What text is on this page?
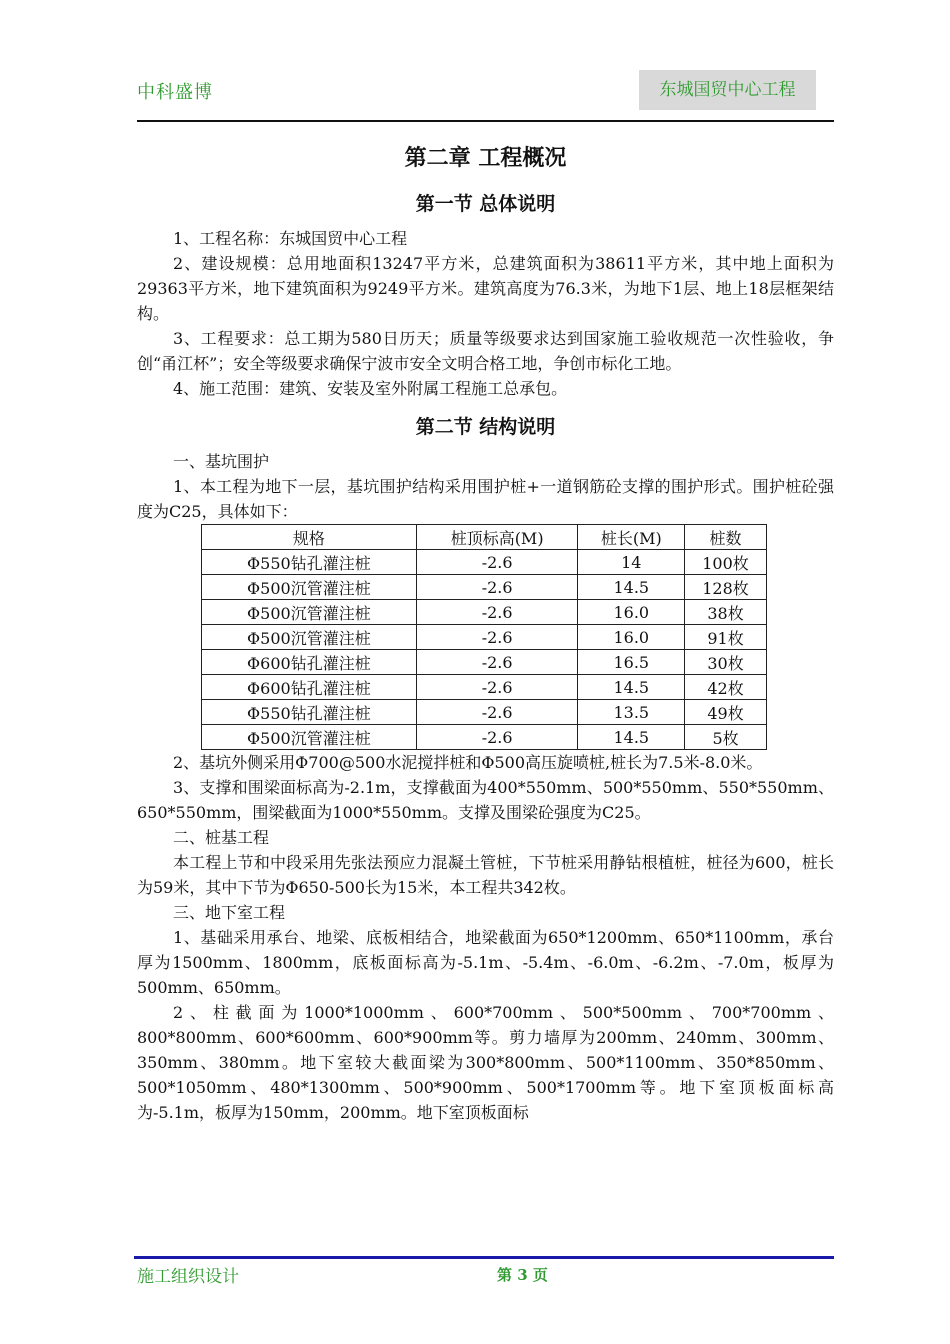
中科盛博	东城国贸中心工程
第二章 工程概况
第一节 总体说明

1、工程名称：东城国贸中心工程

2、建设规模：总用地面积13247平方米，总建筑面积为38611平方米，其中地上面积为29363平方米，地下建筑面积为9249平方米。建筑高度为76.3米，为地下1层、地上18层框架结构。

3、工程要求：总工期为580日历天；质量等级要求达到国家施工验收规范一次性验收，争创“甬江杯”；安全等级要求确保宁波市安全文明合格工地，争创市标化工地。

4、施工范围：建筑、安装及室外附属工程施工总承包。

第二节 结构说明

一、基坑围护

1、本工程为地下一层，基坑围护结构采用围护桩+一道钢筋砼支撑的围护形式。围护桩砼强度为C25，具体如下：

规格	桩顶标高(M)	桩长(M)	桩数
Φ550钻孔灌注桩	-2.6	14	100枚
Φ500沉管灌注桩	-2.6	14.5	128枚
Φ500沉管灌注桩	-2.6	16.0	38枚
Φ500沉管灌注桩	-2.6	16.0	91枚
Φ600钻孔灌注桩	-2.6	16.5	30枚
Φ600钻孔灌注桩	-2.6	14.5	42枚
Φ550钻孔灌注桩	-2.6	13.5	49枚
Φ500沉管灌注桩	-2.6	14.5	5枚

2、基坑外侧采用Φ700@500水泥搅拌桩和Φ500高压旋喷桩,桩长为7.5米-8.0米。

3、支撑和围梁面标高为-2.1m，支撑截面为400*550mm、500*550mm、550*550mm、650*550mm，围梁截面为1000*550mm。支撑及围梁砼强度为C25。

二、桩基工程

本工程上节和中段采用先张法预应力混凝土管桩，下节桩采用静钻根植桩，桩径为600，桩长为59米，其中下节为Φ650-500长为15米，本工程共342枚。

三、地下室工程

1、基础采用承台、地梁、底板相结合，地梁截面为650*1200mm、650*1100mm，承台厚为1500mm、1800mm，底板面标高为-5.1m、-5.4m、-6.0m、-6.2m、-7.0m，板厚为500mm、650mm。

2、柱截面为1000*1000mm、600*700mm、500*500mm、700*700mm、800*800mm、600*600mm、600*900mm等。剪力墙厚为200mm、240mm、300mm、350mm、380mm。地下室较大截面梁为300*800mm、500*1100mm、350*850mm、500*1050mm、480*1300mm、500*900mm、500*1700mm等。地下室顶板面标高为-5.1m，板厚为150mm，200mm。地下室顶板面标

施工组织设计	第 3 页
